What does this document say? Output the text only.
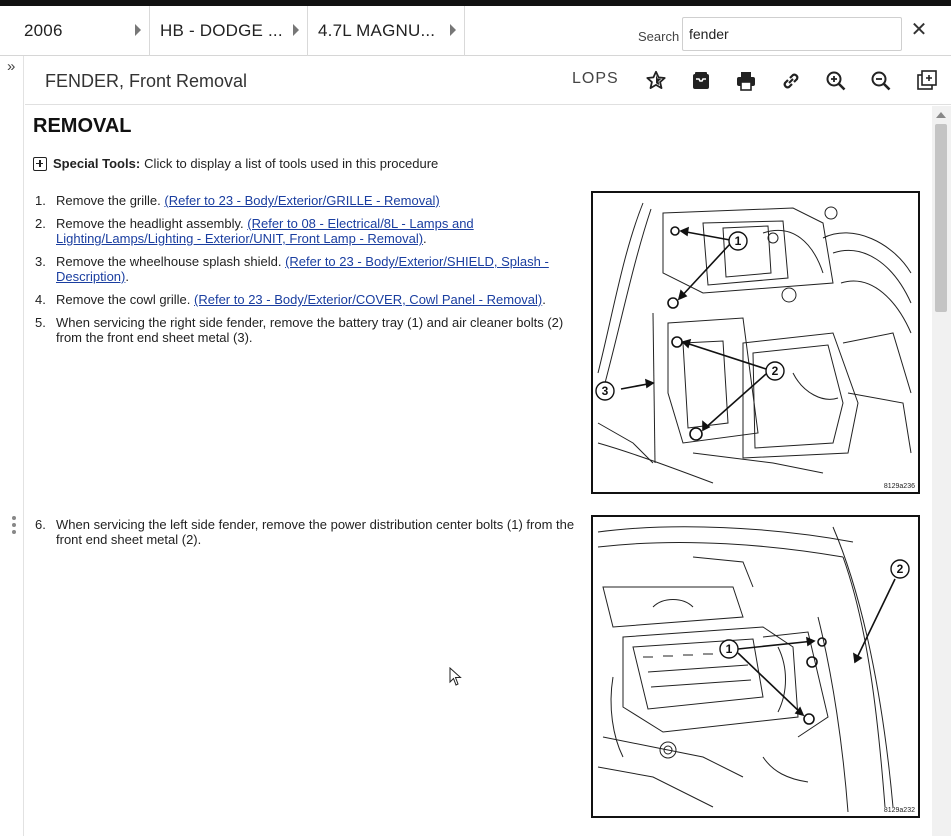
2006	HB - DODGE ... 4.7L MAGNU...	Search
fender	✕
»
FENDER, Front Removal	LOPS
REMOVAL
Special Tools: Click to display a list of tools used in this procedure
1. Remove the grille. (Refer to 23 - Body/Exterior/GRILLE - Removal)
2. Remove the headlight assembly. (Refer to 08 - Electrical/8L - Lamps and Lighting/Lamps/Lighting - Exterior/UNIT, Front Lamp - Removal).
3. Remove the wheelhouse splash shield. (Refer to 23 - Body/Exterior/SHIELD, Splash - Description).
4. Remove the cowl grille. (Refer to 23 - Body/Exterior/COVER, Cowl Panel - Removal).
5. When servicing the right side fender, remove the battery tray (1) and air cleaner bolts (2) from the front end sheet metal (3).
6. When servicing the left side fender, remove the power distribution center bolts (1) from the front end sheet metal (2).
1
2
3
8129a236
1
2
8129a232
